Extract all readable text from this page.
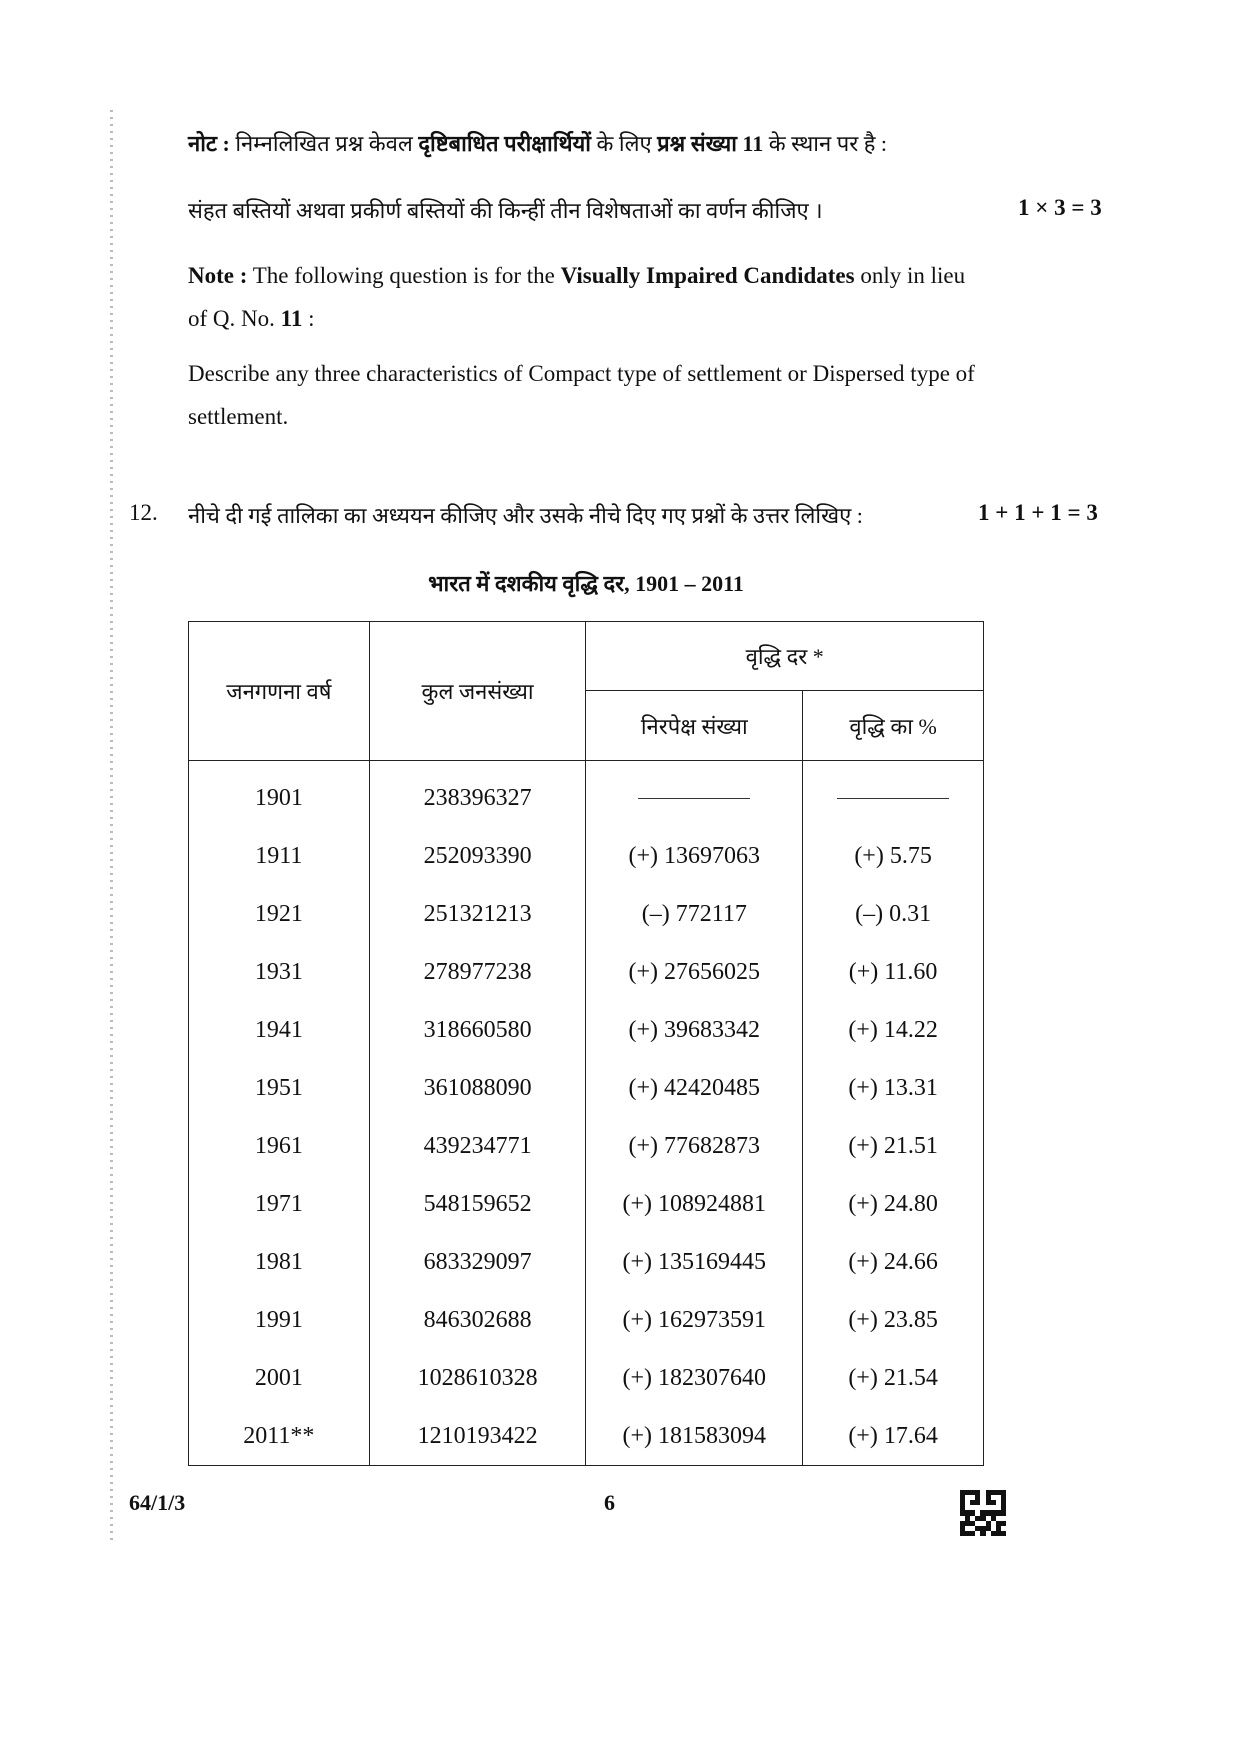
नोट : निम्नलिखित प्रश्न केवल दृष्टिबाधित परीक्षार्थियों के लिए प्रश्न संख्या 11 के स्थान पर है :
संहत बस्तियों अथवा प्रकीर्ण बस्तियों की किन्हीं तीन विशेषताओं का वर्णन कीजिए ।	1 × 3 = 3
Note : The following question is for the Visually Impaired Candidates only in lieu
of Q. No. 11 :
Describe any three characteristics of Compact type of settlement or Dispersed type of
settlement.
12. नीचे दी गई तालिका का अध्ययन कीजिए और उसके नीचे दिए गए प्रश्नों के उत्तर लिखिए :	1 + 1 + 1 = 3
भारत में दशकीय वृद्धि दर, 1901 – 2011
जनगणना वर्ष	कुल जनसंख्या	वृद्धि दर *	
		निरपेक्ष संख्या	वृद्धि का %
1901	238396327		
1911	252093390	(+) 13697063	(+) 5.75
1921	251321213	(–) 772117	(–) 0.31
1931	278977238	(+) 27656025	(+) 11.60
1941	318660580	(+) 39683342	(+) 14.22
1951	361088090	(+) 42420485	(+) 13.31
1961	439234771	(+) 77682873	(+) 21.51
1971	548159652	(+) 108924881	(+) 24.80
1981	683329097	(+) 135169445	(+) 24.66
1991	846302688	(+) 162973591	(+) 23.85
2001	1028610328	(+) 182307640	(+) 21.54
2011**	1210193422	(+) 181583094	(+) 17.64
64/1/3	6
